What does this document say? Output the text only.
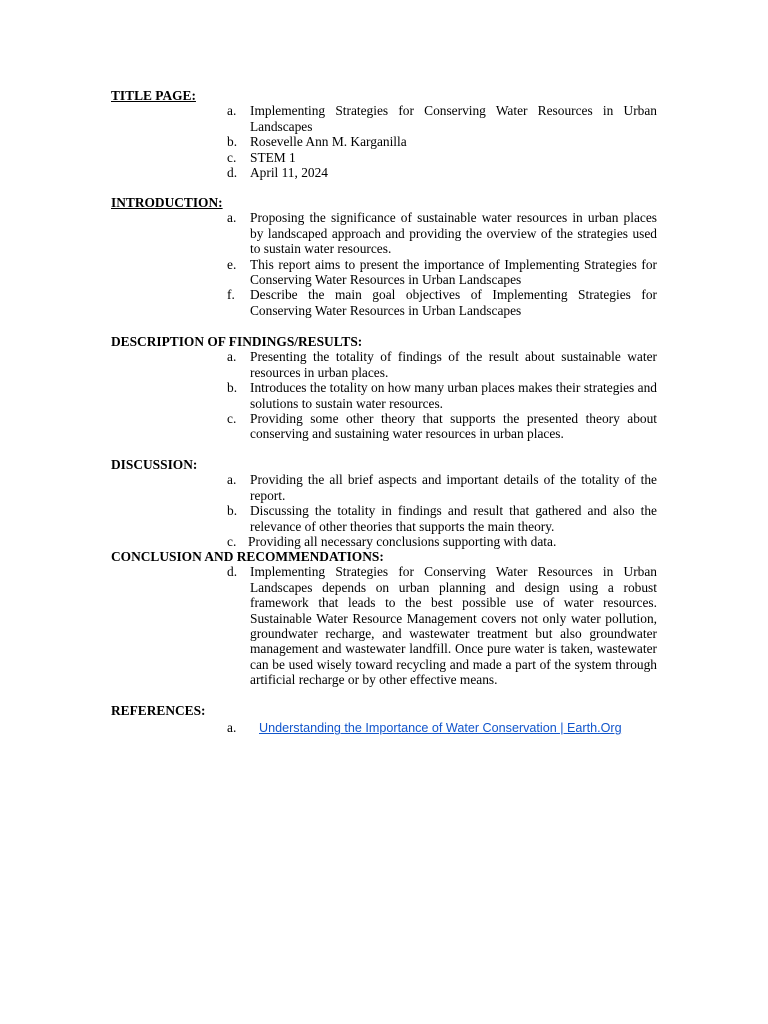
TITLE PAGE:

a. Implementing Strategies for Conserving Water Resources in Urban Landscapes
b. Rosevelle Ann M. Karganilla
c. STEM 1
d. April 11, 2024

INTRODUCTION:

a. Proposing the significance of sustainable water resources in urban places by landscaped approach and providing the overview of the strategies used to sustain water resources.
e. This report aims to present the importance of Implementing Strategies for Conserving Water Resources in Urban Landscapes
f. Describe the main goal objectives of Implementing Strategies for Conserving Water Resources in Urban Landscapes

DESCRIPTION OF FINDINGS/RESULTS:

a. Presenting the totality of findings of the result about sustainable water resources in urban places.
b. Introduces the totality on how many urban places makes their strategies and solutions to sustain water resources.
c. Providing some other theory that supports the presented theory about conserving and sustaining water resources in urban places.

DISCUSSION:

a. Providing the all brief aspects and important details of the totality of the report.
b. Discussing the totality in findings and result that gathered and also the relevance of other theories that supports the main theory.
c. Providing all necessary conclusions supporting with data.

CONCLUSION AND RECOMMENDATIONS:

d. Implementing Strategies for Conserving Water Resources in Urban Landscapes depends on urban planning and design using a robust framework that leads to the best possible use of water resources. Sustainable Water Resource Management covers not only water pollution, groundwater recharge, and wastewater treatment but also groundwater management and wastewater landfill. Once pure water is taken, wastewater can be used wisely toward recycling and made a part of the system through artificial recharge or by other effective means.

REFERENCES:

a. Understanding the Importance of Water Conservation | Earth.Org
